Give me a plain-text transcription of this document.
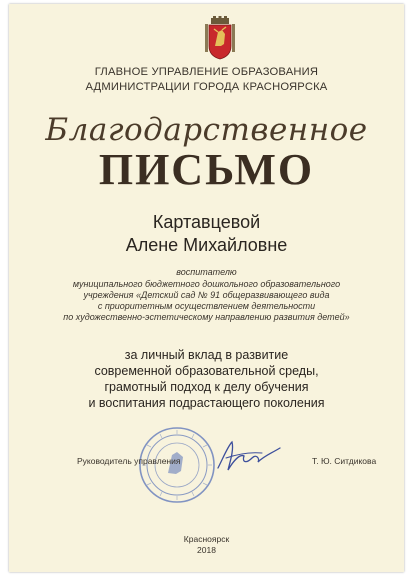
ГЛАВНОЕ УПРАВЛЕНИЕ ОБРАЗОВАНИЯ
АДМИНИСТРАЦИИ ГОРОДА КРАСНОЯРСКА
Благодарственное
ПИСЬМО
Картавцевой
Алене Михайловне
воспитателю
муниципального бюджетного дошкольного образовательного
учреждения «Детский сад № 91 общеразвивающего вида
с приоритетным осуществлением деятельности
по художественно-эстетическому направлению развития детей»
за личный вклад в развитие
современной образовательной среды,
грамотный подход к делу обучения
и воспитания подрастающего поколения
Руководитель управления	Т. Ю. Ситдикова
Красноярск
2018
